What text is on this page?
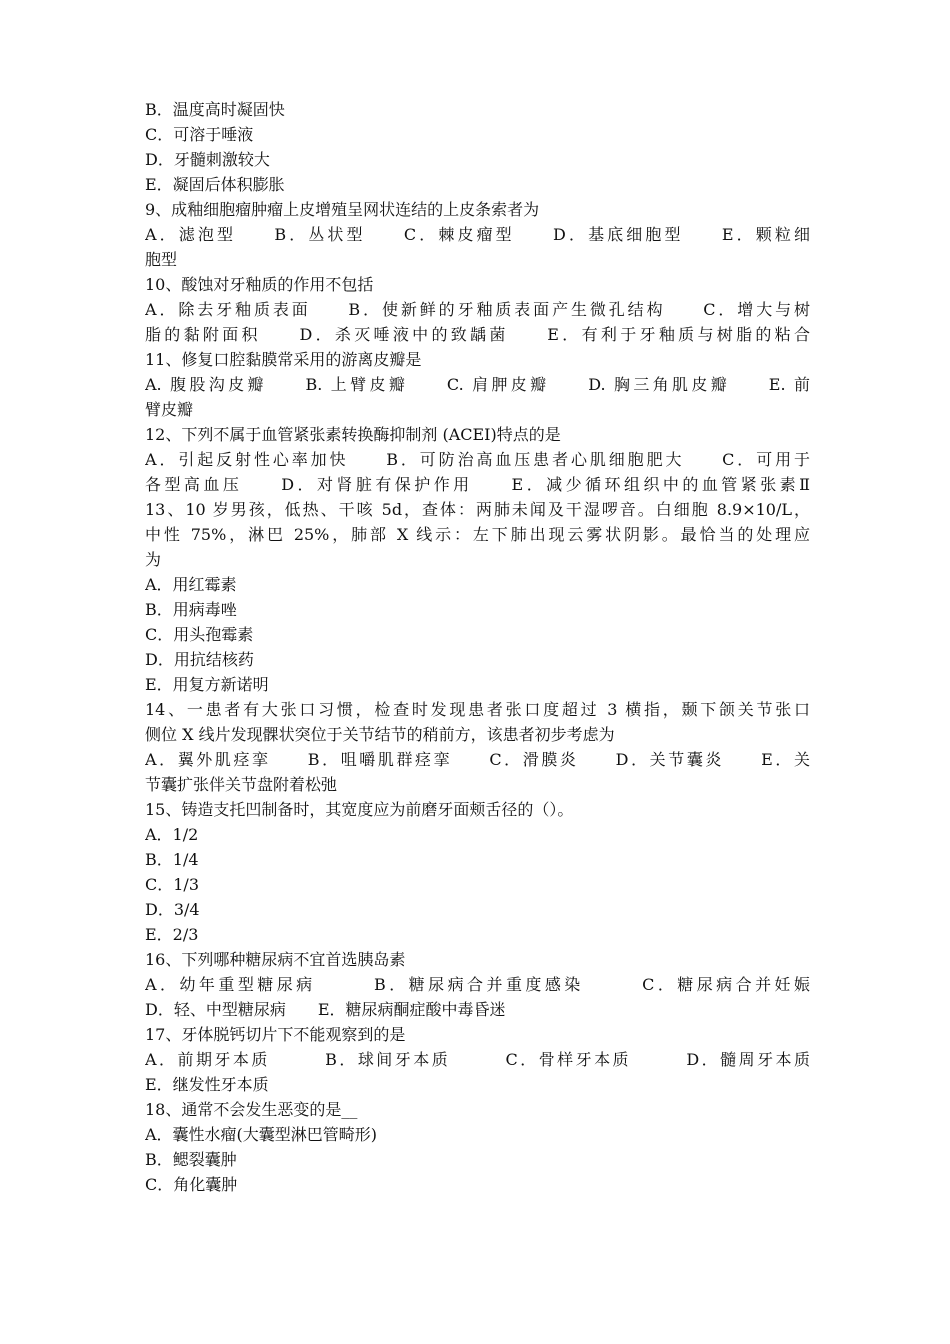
B．温度高时凝固快
C．可溶于唾液
D．牙髓刺激较大
E．凝固后体积膨胀
9、成釉细胞瘤肿瘤上皮增殖呈网状连结的上皮条索者为
A．滤泡型　　B．丛状型　　C．棘皮瘤型　　D．基底细胞型　　E．颗粒细
胞型
10、酸蚀对牙釉质的作用不包括
A．除去牙釉质表面　　B．使新鲜的牙釉质表面产生微孔结构　　C．增大与树
脂的黏附面积　　D．杀灭唾液中的致龋菌　　E．有利于牙釉质与树脂的粘合
11、修复口腔黏膜常采用的游离皮瓣是
A. 腹股沟皮瓣　　B. 上臂皮瓣　　C. 肩胛皮瓣　　D. 胸三角肌皮瓣　　E. 前
臂皮瓣
12、下列不属于血管紧张素转换酶抑制剂 (ACEI)特点的是
A．引起反射性心率加快　　B．可防治高血压患者心肌细胞肥大　　C．可用于
各型高血压　　D．对肾脏有保护作用　　E．减少循环组织中的血管紧张素Ⅱ
13、10 岁男孩，低热、干咳 5d，查体：两肺未闻及干湿啰音。白细胞 8.9×10/L，
中性 75%，淋巴 25%，肺部 X 线示：左下肺出现云雾状阴影。最恰当的处理应
为
A．用红霉素
B．用病毒唑
C．用头孢霉素
D．用抗结核药
E．用复方新诺明
14、一患者有大张口习惯，检查时发现患者张口度超过 3 横指，颞下颌关节张口
侧位 X 线片发现髁状突位于关节结节的稍前方，该患者初步考虑为
A．翼外肌痉挛　　B．咀嚼肌群痉挛　　C．滑膜炎　　D．关节囊炎　　E．关
节囊扩张伴关节盘附着松弛
15、铸造支托凹制备时，其宽度应为前磨牙面颊舌径的（）。
A．1/2
B．1/4
C．1/3
D．3/4
E．2/3
16、下列哪种糖尿病不宜首选胰岛素
A．幼年重型糖尿病　　　B．糖尿病合并重度感染　　　C．糖尿病合并妊娠
D．轻、中型糖尿病　　E．糖尿病酮症酸中毒昏迷
17、牙体脱钙切片下不能观察到的是
A．前期牙本质　　　B．球间牙本质　　　C．骨样牙本质　　　D．髓周牙本质
E．继发性牙本质
18、通常不会发生恶变的是__
A．囊性水瘤(大囊型淋巴管畸形)
B．鳃裂囊肿
C．角化囊肿
